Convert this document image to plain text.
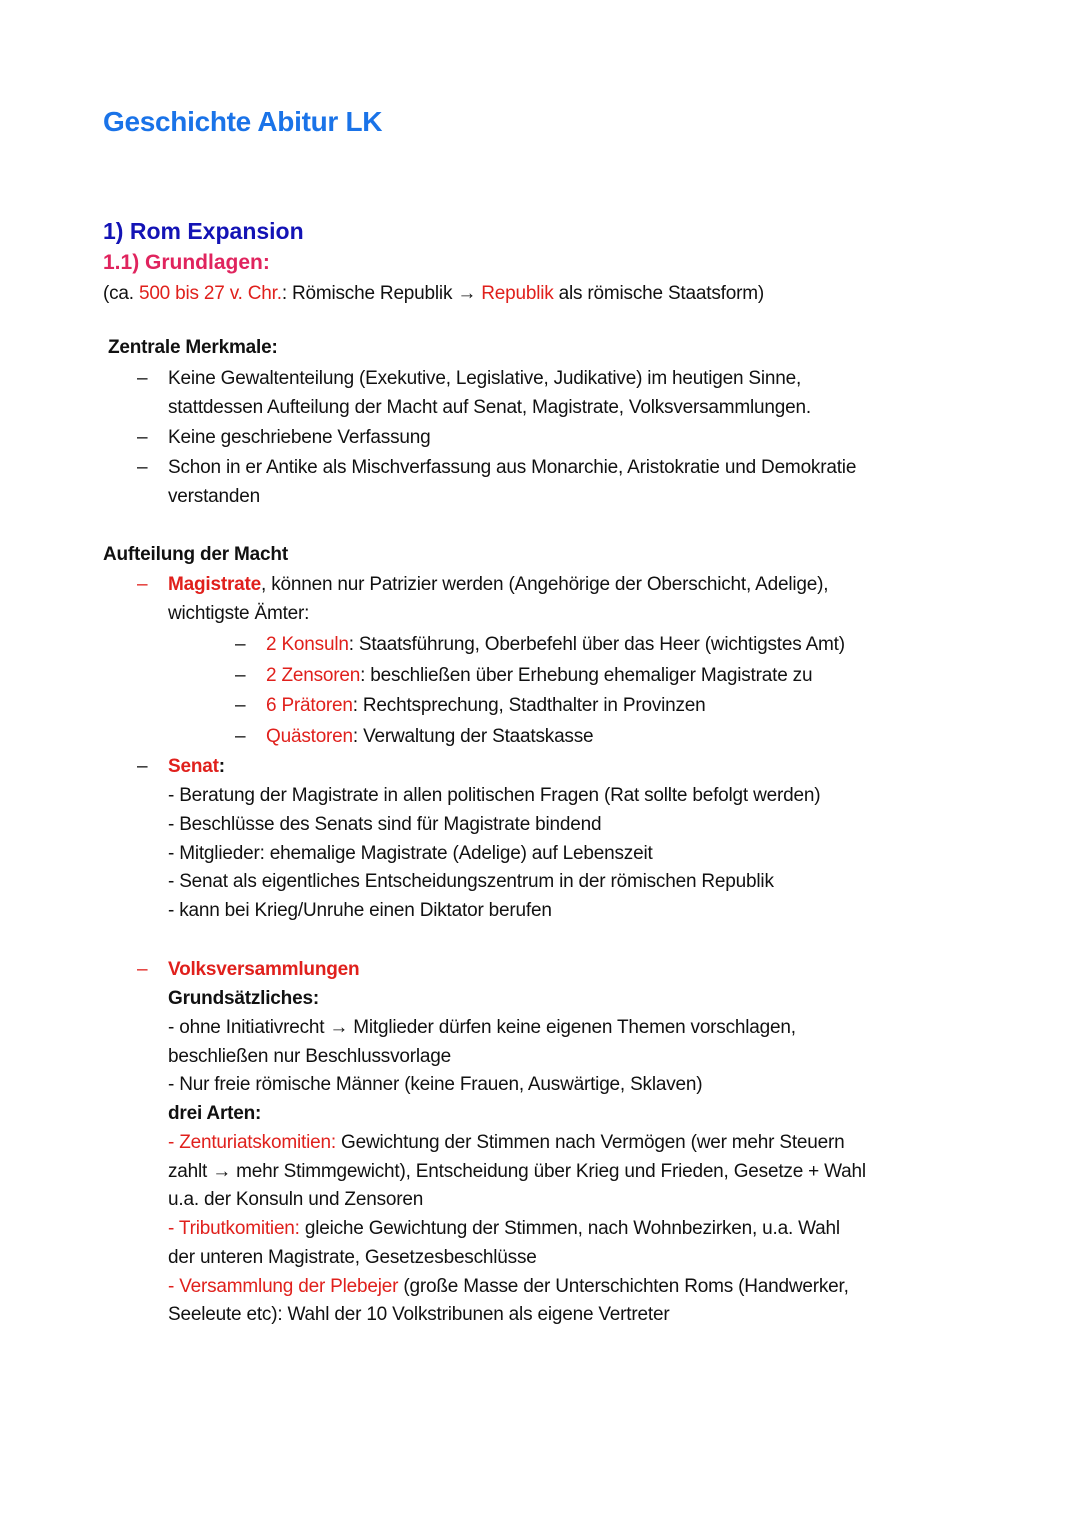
Geschichte Abitur LK
1) Rom Expansion
1.1) Grundlagen:
(ca. 500 bis 27 v. Chr.: Römische Republik → Republik als römische Staatsform)
Zentrale Merkmale:
– Keine Gewaltenteilung (Exekutive, Legislative, Judikative) im heutigen Sinne,
stattdessen Aufteilung der Macht auf Senat, Magistrate, Volksversammlungen.
– Keine geschriebene Verfassung
– Schon in er Antike als Mischverfassung aus Monarchie, Aristokratie und Demokratie
verstanden
Aufteilung der Macht
– Magistrate, können nur Patrizier werden (Angehörige der Oberschicht, Adelige),
wichtigste Ämter:
– 2 Konsuln: Staatsführung, Oberbefehl über das Heer (wichtigstes Amt)
– 2 Zensoren: beschließen über Erhebung ehemaliger Magistrate zu
– 6 Prätoren: Rechtsprechung, Stadthalter in Provinzen
– Quästoren: Verwaltung der Staatskasse
– Senat:
- Beratung der Magistrate in allen politischen Fragen (Rat sollte befolgt werden)
- Beschlüsse des Senats sind für Magistrate bindend
- Mitglieder: ehemalige Magistrate (Adelige) auf Lebenszeit
- Senat als eigentliches Entscheidungszentrum in der römischen Republik
- kann bei Krieg/Unruhe einen Diktator berufen
– Volksversammlungen
Grundsätzliches:
- ohne Initiativrecht → Mitglieder dürfen keine eigenen Themen vorschlagen,
beschließen nur Beschlussvorlage
- Nur freie römische Männer (keine Frauen, Auswärtige, Sklaven)
drei Arten:
- Zenturiatskomitien: Gewichtung der Stimmen nach Vermögen (wer mehr Steuern
zahlt → mehr Stimmgewicht), Entscheidung über Krieg und Frieden, Gesetze + Wahl
u.a. der Konsuln und Zensoren
- Tributkomitien: gleiche Gewichtung der Stimmen, nach Wohnbezirken, u.a. Wahl
der unteren Magistrate, Gesetzesbeschlüsse
- Versammlung der Plebejer (große Masse der Unterschichten Roms (Handwerker,
Seeleute etc): Wahl der 10 Volkstribunen als eigene Vertreter
